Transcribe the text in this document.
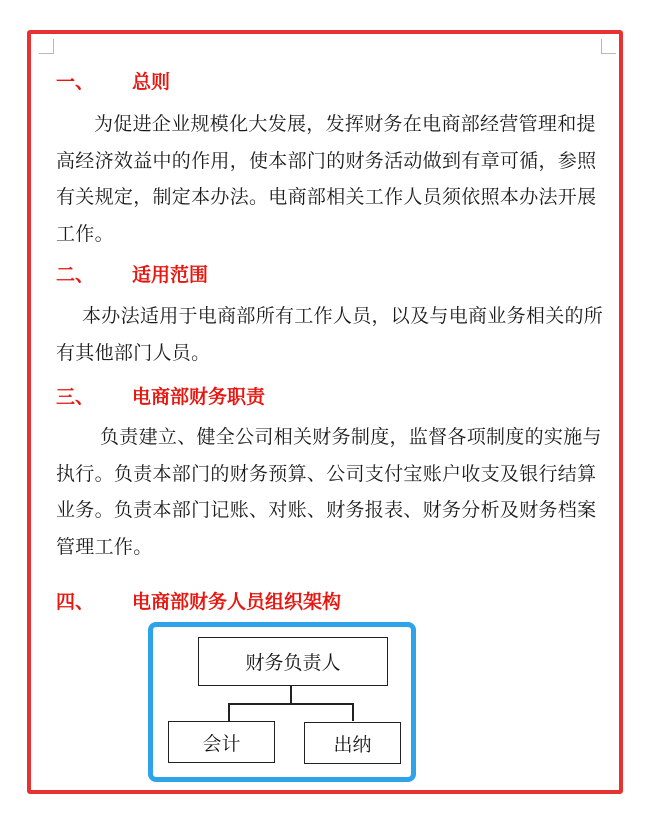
一、 总则

为促进企业规模化大发展，发挥财务在电商部经营管理和提高经济效益中的作用，使本部门的财务活动做到有章可循，参照有关规定，制定本办法。电商部相关工作人员须依照本办法开展工作。

二、 适用范围

本办法适用于电商部所有工作人员，以及与电商业务相关的所有其他部门人员。

三、 电商部财务职责

负责建立、健全公司相关财务制度，监督各项制度的实施与执行。负责本部门的财务预算、公司支付宝账户收支及银行结算业务。负责本部门记账、对账、财务报表、财务分析及财务档案管理工作。

四、 电商部财务人员组织架构
财务负责人
会计	出纳
